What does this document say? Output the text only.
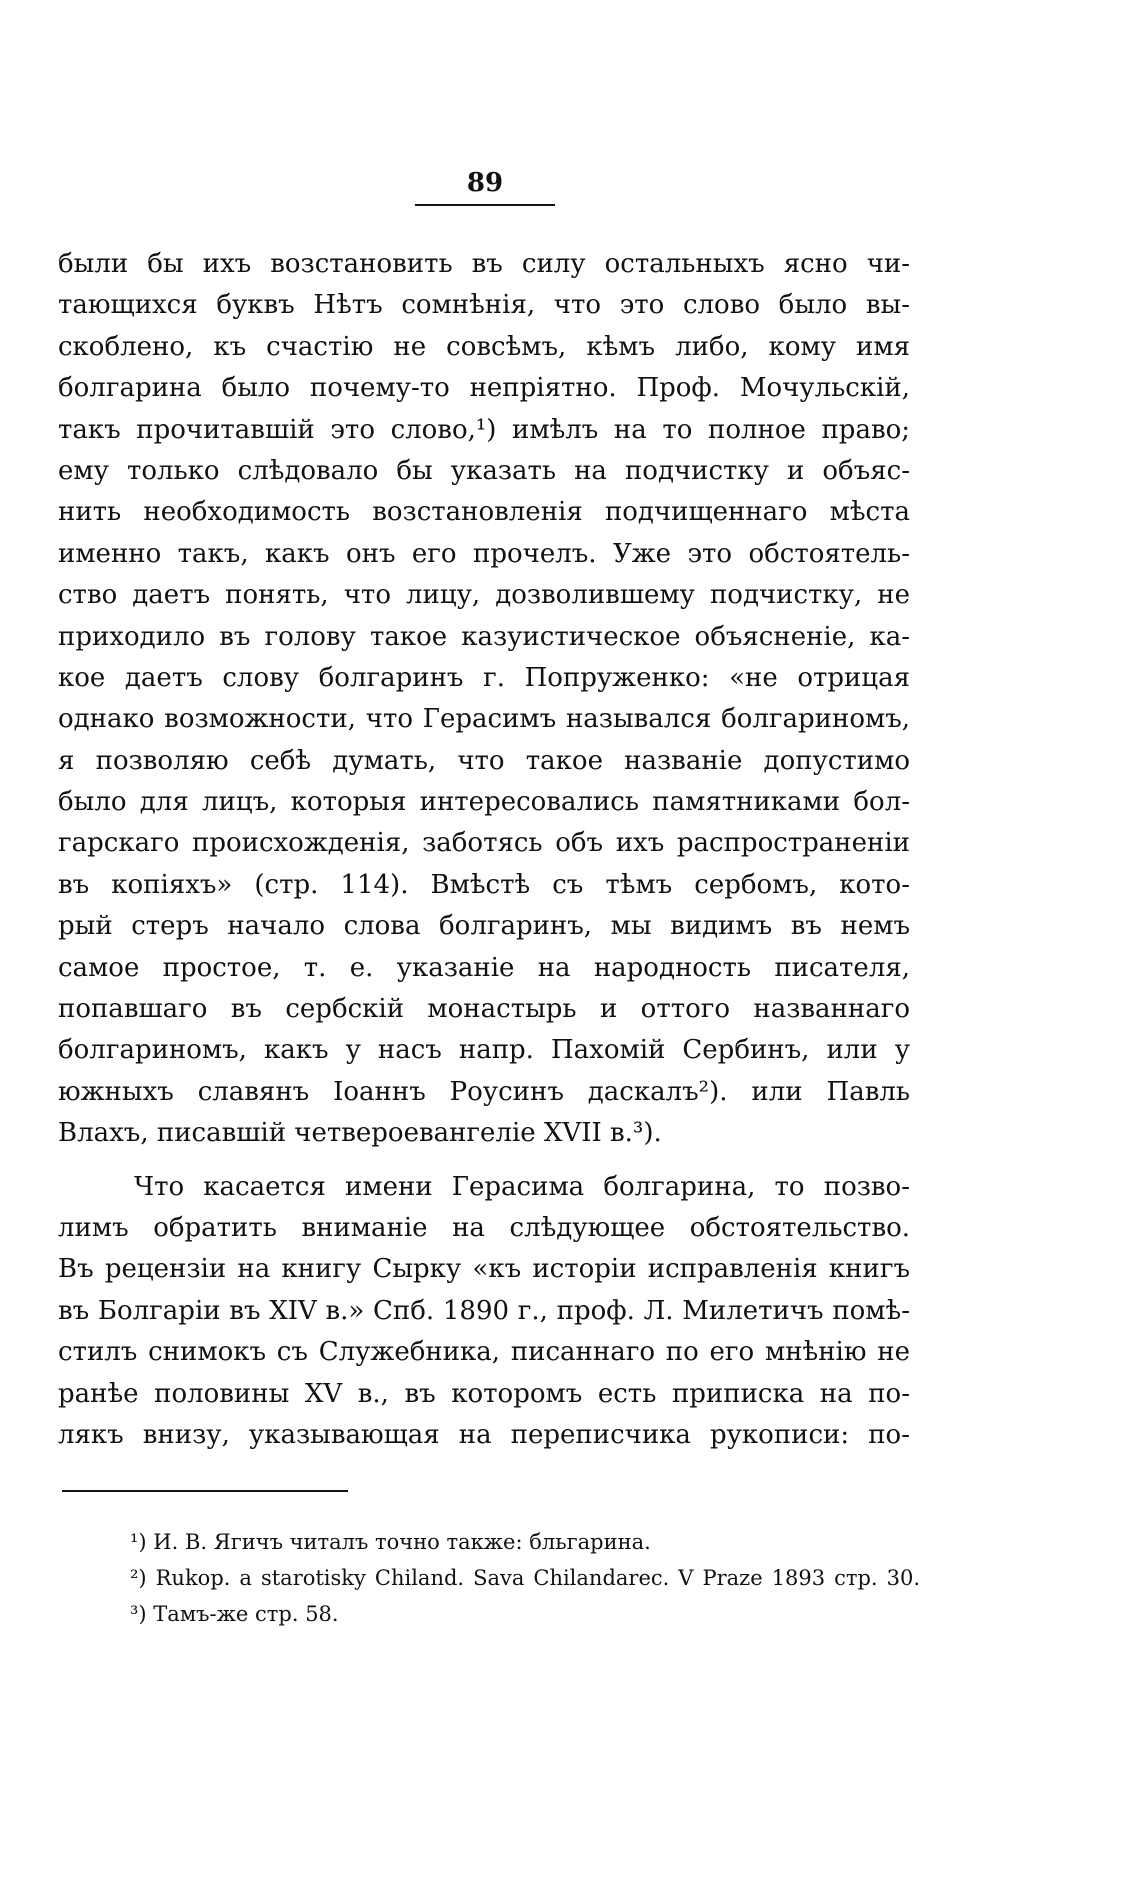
89
были бы ихъ возстановить въ силу остальныхъ ясно чи-
тающихся буквъ Нѣтъ сомнѣнія, что это слово было вы-
скоблено, къ счастію не совсѣмъ, кѣмъ либо, кому имя
болгарина было почему-то непріятно. Проф. Мочульскій,
такъ прочитавшій это слово,¹) имѣлъ на то полное право;
ему только слѣдовало бы указать на подчистку и объяс-
нить необходимость возстановленія подчищеннаго мѣста
именно такъ, какъ онъ его прочелъ. Уже это обстоятель-
ство даетъ понять, что лицу, дозволившему подчистку, не
приходило въ голову такое казуистическое объясненіе, ка-
кое даетъ слову болгаринъ г. Попруженко: «не отрицая
однако возможности, что Герасимъ назывался болгариномъ,
я позволяю себѣ думать, что такое названіе допустимо
было для лицъ, которыя интересовались памятниками бол-
гарскаго происхожденія, заботясь объ ихъ распространеніи
въ копіяхъ» (стр. 114). Вмѣстѣ съ тѣмъ сербомъ, кото-
рый стеръ начало слова болгаринъ, мы видимъ въ немъ
самое простое, т. е. указаніе на народность писателя,
попавшаго въ сербскій монастырь и оттого названнаго
болгариномъ, какъ у насъ напр. Пахомій Сербинъ, или у
южныхъ славянъ Іоаннъ Роусинъ даскалъ²). или Павль
Влахъ, писавшій четвероевангеліе XVII в.³).
Что касается имени Герасима болгарина, то позво-
лимъ обратить вниманіе на слѣдующее обстоятельство.
Въ рецензіи на книгу Сырку «къ исторіи исправленія книгъ
въ Болгаріи въ XIV в.» Спб. 1890 г., проф. Л. Милетичъ помѣ-
стилъ снимокъ съ Служебника, писаннаго по его мнѣнію не
ранѣе половины XV в., въ которомъ есть приписка на по-
лякъ внизу, указывающая на переписчика рукописи: по-
¹) И. В. Ягичъ читалъ точно также: бльгарина.
²) Rukop. a starotisky Chiland. Sava Chilandarec. V Praze 1893 стр. 30.
³) Тамъ-же стр. 58.
